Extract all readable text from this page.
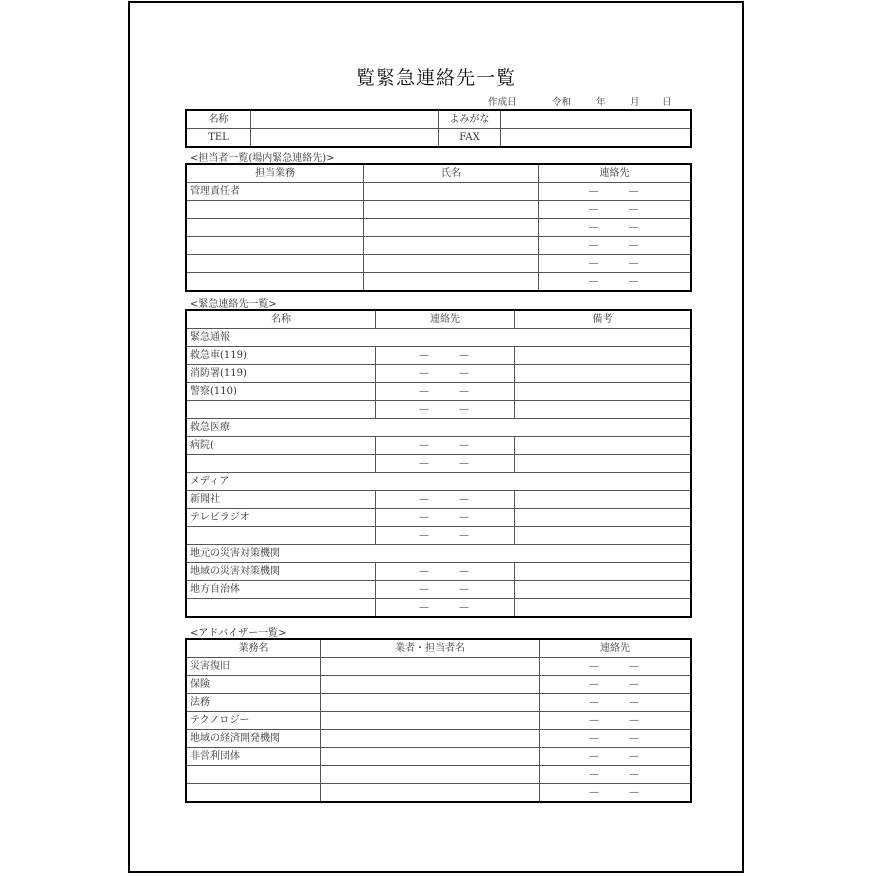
覧緊急連絡先一覧
作成日	令和	年	月 日
名称		よみがな	
TEL		FAX	
<担当者一覧(場内緊急連絡先)>
担当業務	氏名	連絡先
管理責任者		— —
		— —
		— —
		— —
		— —
		— —
<緊急連絡先一覧>
名称	連絡先	備考
緊急通報		
救急車(119)	— —	
消防署(119)	— —	
警察(110)	— —	
	— —	
救急医療		
病院(	— —	
	— —	
メディア		
新聞社	— —	
テレビラジオ	— —	
	— —	
地元の災害対策機関		
地域の災害対策機関	— —	
地方自治体	— —	
	— —	
<アドバイザー一覧>
業務名	業者・担当者名	連絡先
災害復旧		— —
保険		— —
法務		— —
テクノロジー		— —
地域の経済開発機関		— —
非営利団体		— —
		— —
		— —
